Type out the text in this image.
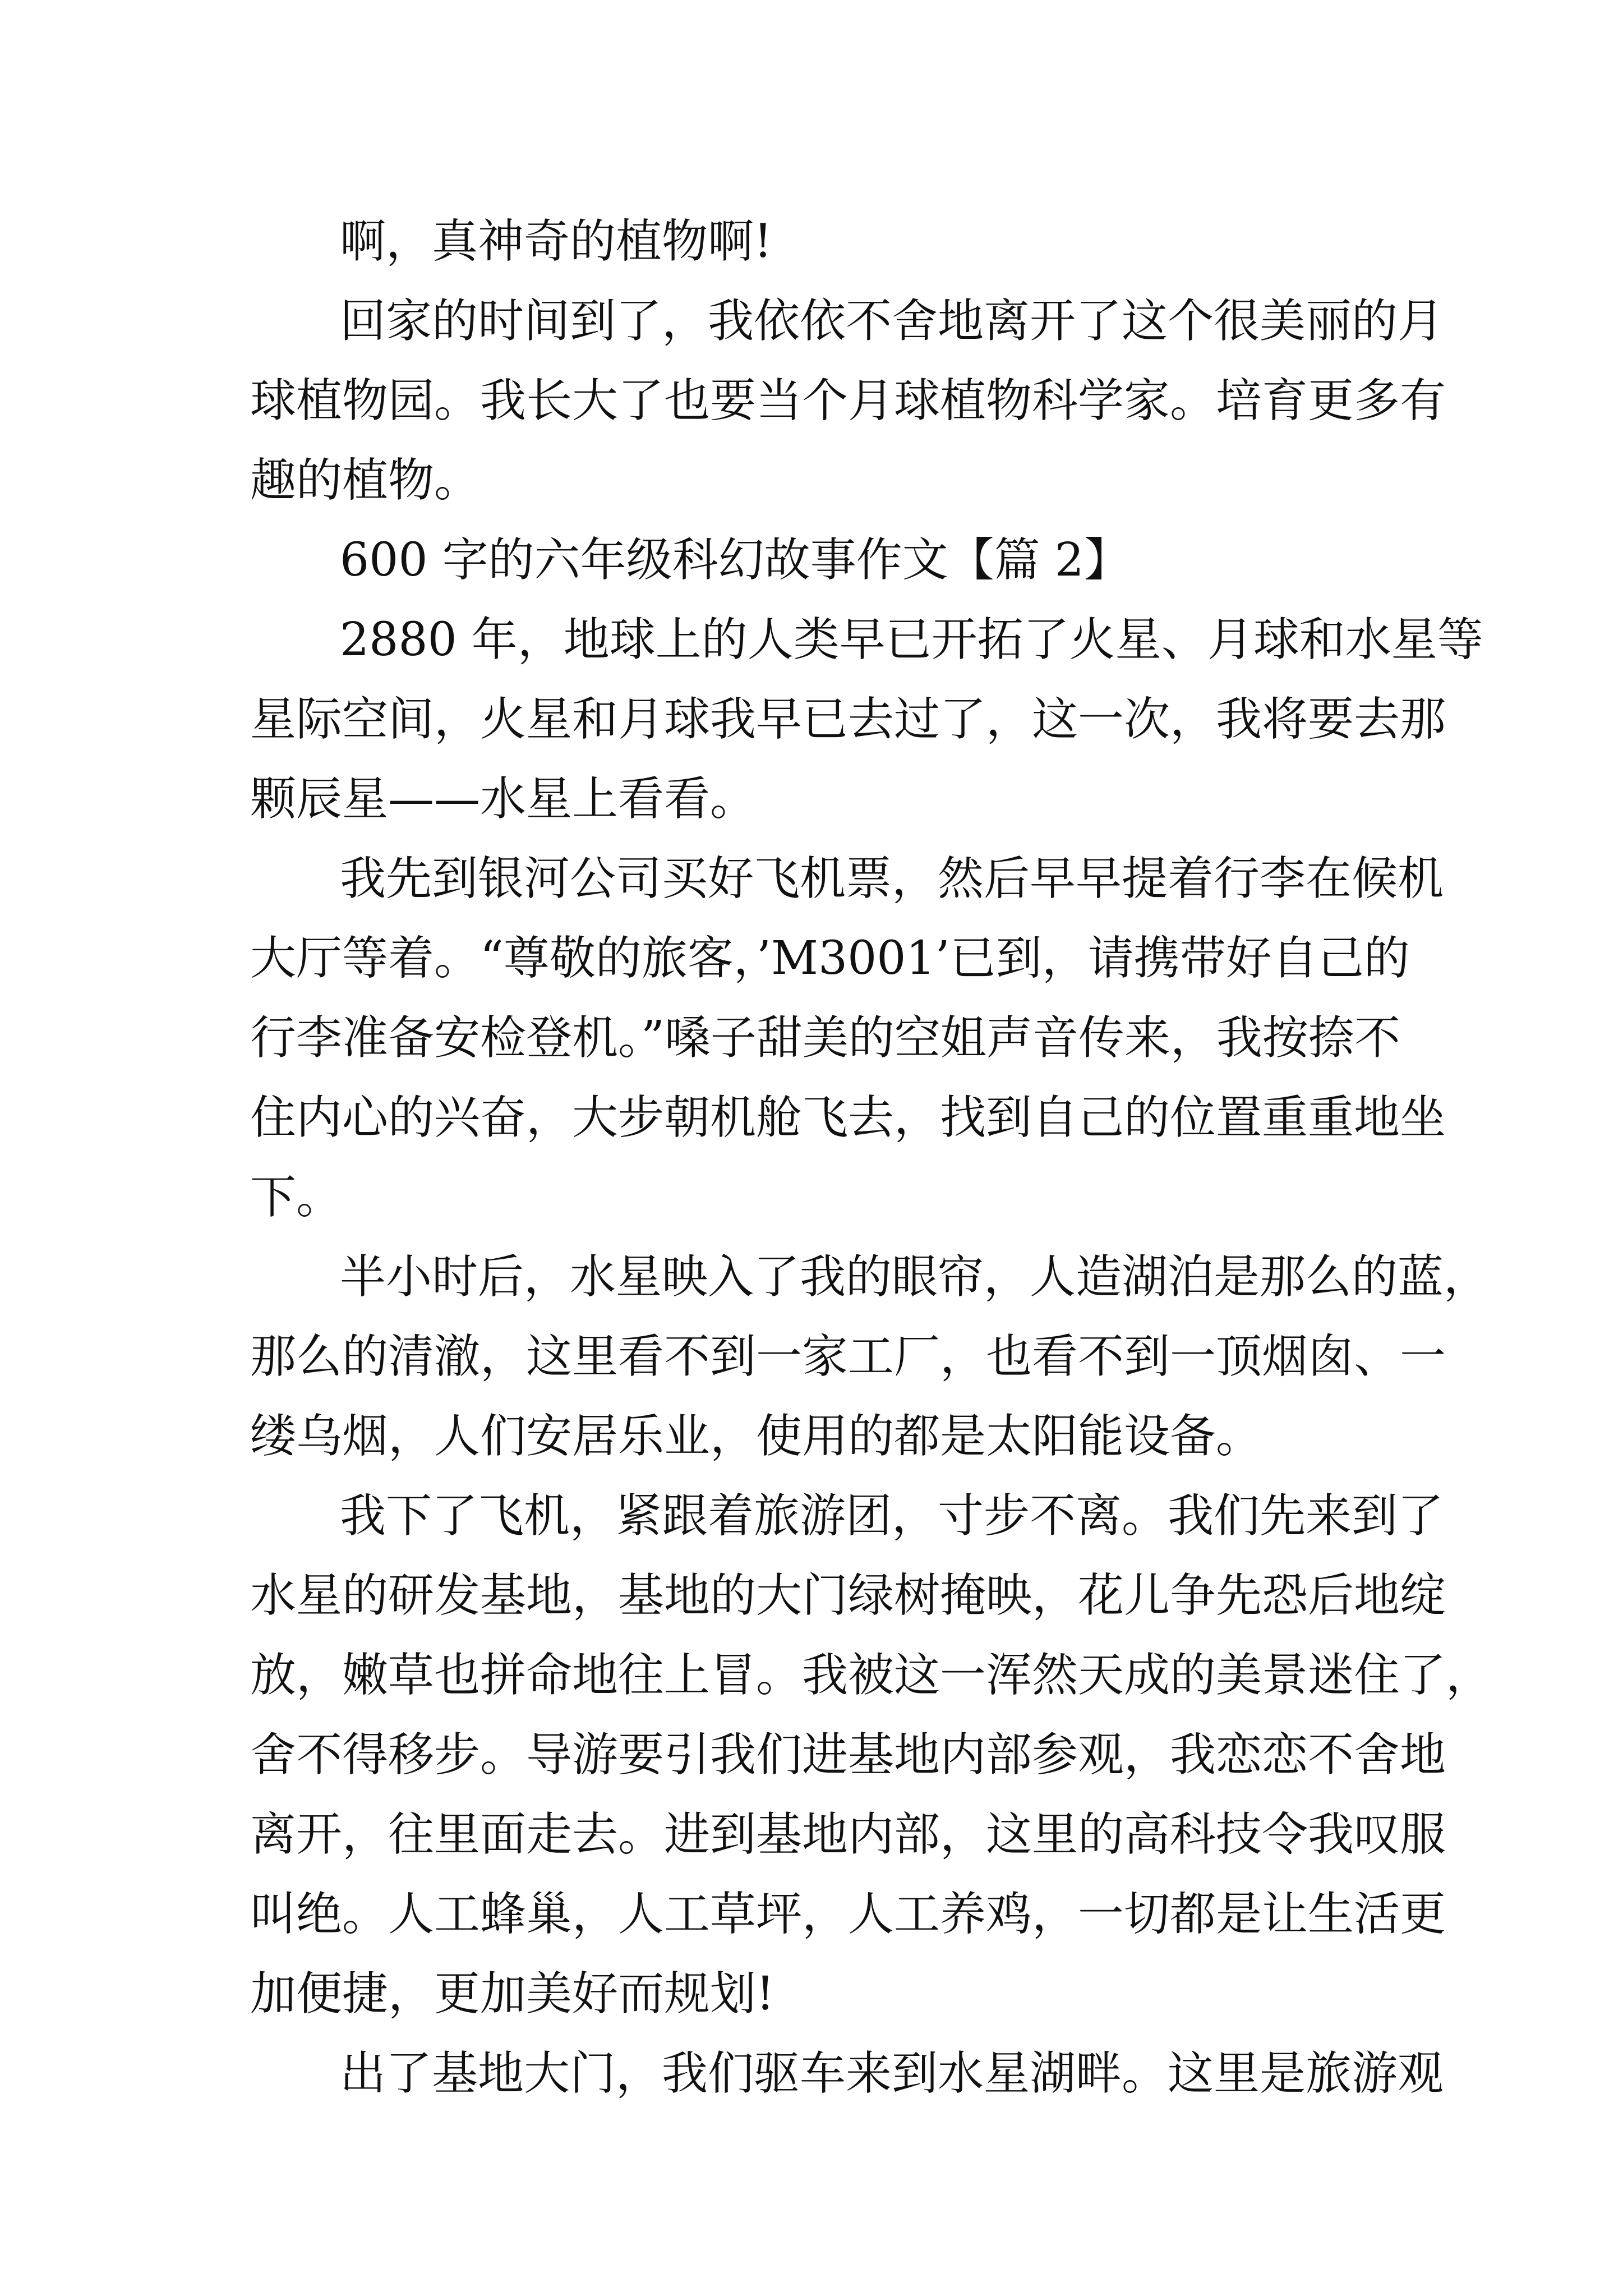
啊，真神奇的植物啊!
回家的时间到了，我依依不舍地离开了这个很美丽的月
球植物园。我长大了也要当个月球植物科学家。培育更多有
趣的植物。
600 字的六年级科幻故事作文【篇 2】
2880 年，地球上的人类早已开拓了火星、月球和水星等
星际空间，火星和月球我早已去过了，这一次，我将要去那
颗辰星——水星上看看。
我先到银河公司买好飞机票，然后早早提着行李在候机
大厅等着。“尊敬的旅客，’M3001’已到，请携带好自己的
行李准备安检登机。”嗓子甜美的空姐声音传来，我按捺不
住内心的兴奋，大步朝机舱飞去，找到自己的位置重重地坐
下。
半小时后，水星映入了我的眼帘，人造湖泊是那么的蓝，
那么的清澈，这里看不到一家工厂，也看不到一顶烟囱、一
缕乌烟，人们安居乐业，使用的都是太阳能设备。
我下了飞机，紧跟着旅游团，寸步不离。我们先来到了
水星的研发基地，基地的大门绿树掩映，花儿争先恐后地绽
放，嫩草也拼命地往上冒。我被这一浑然天成的美景迷住了，
舍不得移步。导游要引我们进基地内部参观，我恋恋不舍地
离开，往里面走去。进到基地内部，这里的高科技令我叹服
叫绝。人工蜂巢，人工草坪，人工养鸡，一切都是让生活更
加便捷，更加美好而规划!
出了基地大门，我们驱车来到水星湖畔。这里是旅游观
